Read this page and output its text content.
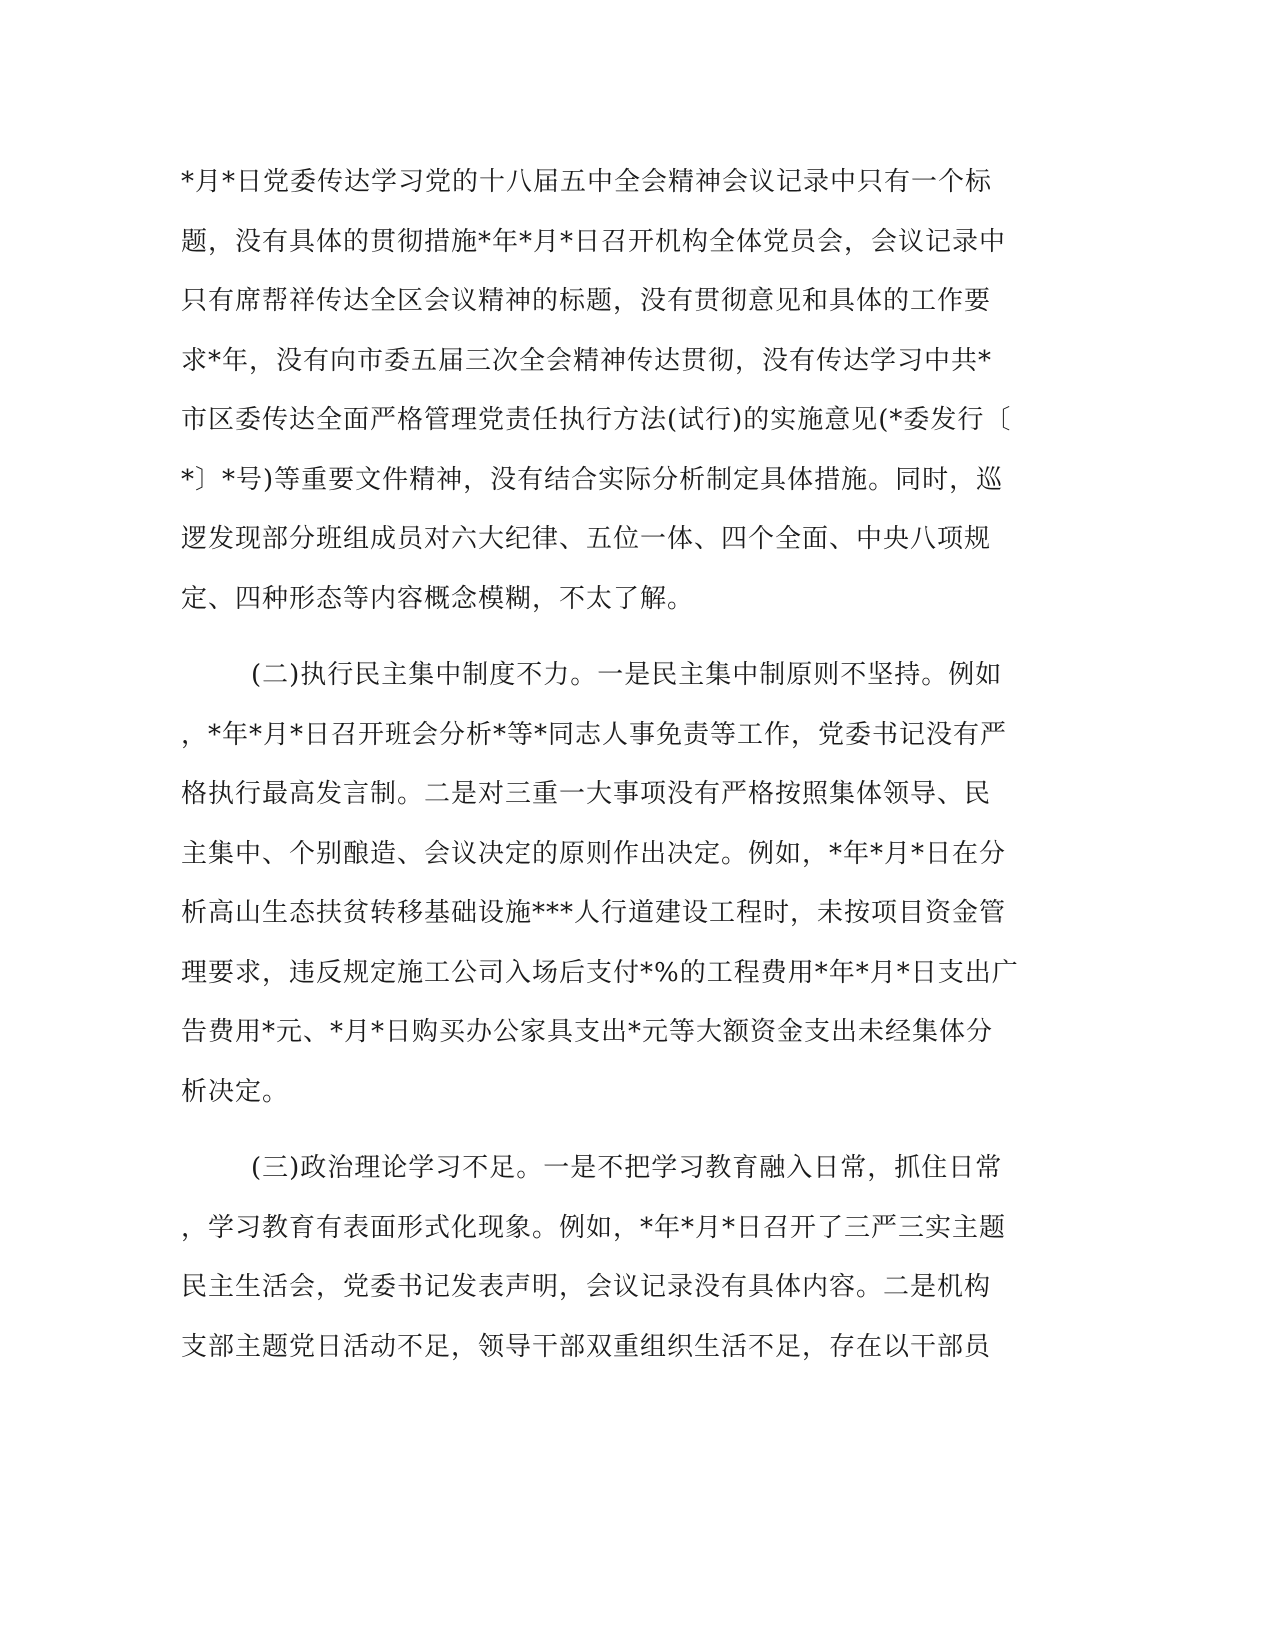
*月*日党委传达学习党的十八届五中全会精神会议记录中只有一个标
题，没有具体的贯彻措施*年*月*日召开机构全体党员会，会议记录中
只有席帮祥传达全区会议精神的标题，没有贯彻意见和具体的工作要
求*年，没有向市委五届三次全会精神传达贯彻，没有传达学习中共*
市区委传达全面严格管理党责任执行方法(试行)的实施意见(*委发行〔
*〕*号)等重要文件精神，没有结合实际分析制定具体措施。同时，巡
逻发现部分班组成员对六大纪律、五位一体、四个全面、中央八项规
定、四种形态等内容概念模糊，不太了解。
(二)执行民主集中制度不力。一是民主集中制原则不坚持。例如
，*年*月*日召开班会分析*等*同志人事免责等工作，党委书记没有严
格执行最高发言制。二是对三重一大事项没有严格按照集体领导、民
主集中、个别酿造、会议决定的原则作出决定。例如，*年*月*日在分
析高山生态扶贫转移基础设施***人行道建设工程时，未按项目资金管
理要求，违反规定施工公司入场后支付*%的工程费用*年*月*日支出广
告费用*元、*月*日购买办公家具支出*元等大额资金支出未经集体分
析决定。
(三)政治理论学习不足。一是不把学习教育融入日常，抓住日常
，学习教育有表面形式化现象。例如，*年*月*日召开了三严三实主题
民主生活会，党委书记发表声明，会议记录没有具体内容。二是机构
支部主题党日活动不足，领导干部双重组织生活不足，存在以干部员
